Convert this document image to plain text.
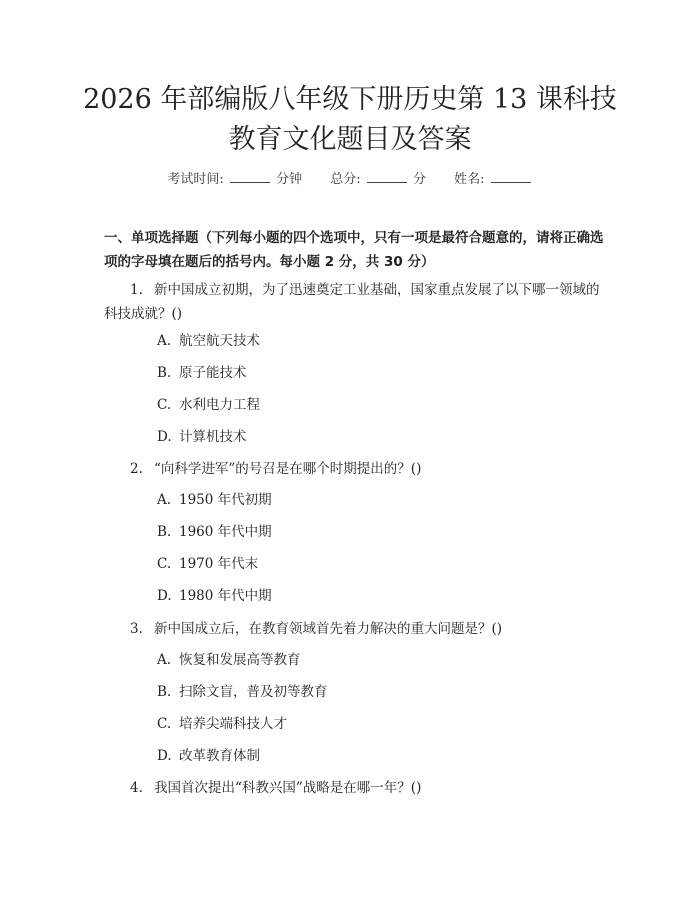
2026 年部编版八年级下册历史第 13 课科技
教育文化题目及答案
考试时间:	分钟 总分:	分 姓名:
一、单项选择题（下列每小题的四个选项中，只有一项是最符合题意的，请将正确选项的字母填在题后的括号内。每小题 2 分，共 30 分）
1. 新中国成立初期，为了迅速奠定工业基础，国家重点发展了以下哪一领域的科技成就？()
A. 航空航天技术
B. 原子能技术
C. 水利电力工程
D. 计算机技术
2. “向科学进军”的号召是在哪个时期提出的？()
A. 1950 年代初期
B. 1960 年代中期
C. 1970 年代末
D. 1980 年代中期
3. 新中国成立后，在教育领域首先着力解决的重大问题是？()
A. 恢复和发展高等教育
B. 扫除文盲，普及初等教育
C. 培养尖端科技人才
D. 改革教育体制
4. 我国首次提出“科教兴国”战略是在哪一年？()
